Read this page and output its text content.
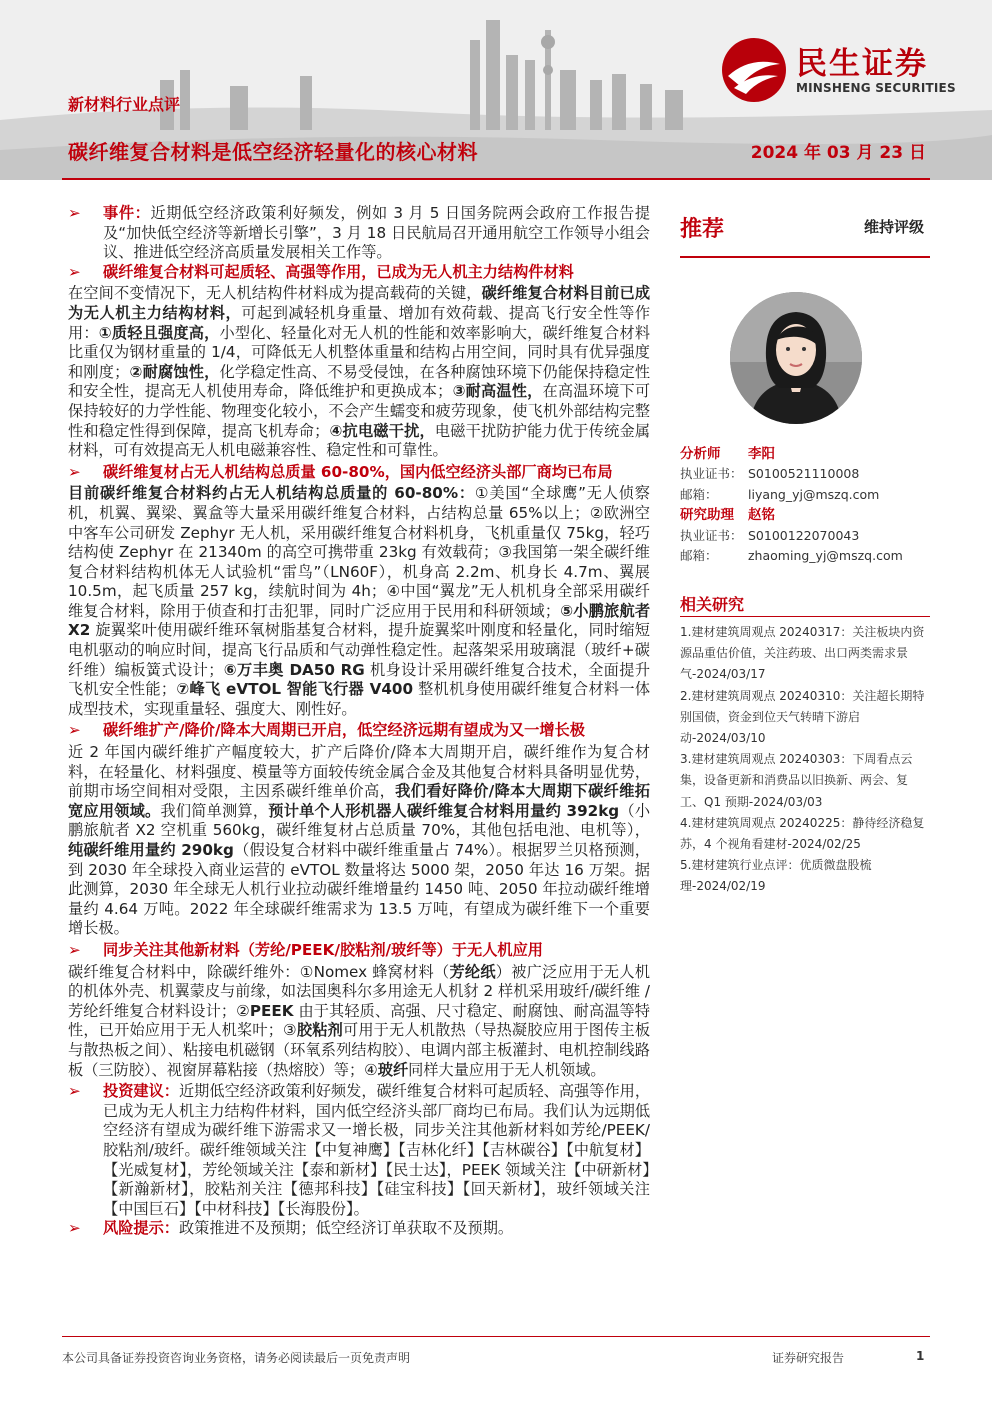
民生证券
MINSHENG SECURITIES
新材料行业点评
碳纤维复合材料是低空经济轻量化的核心材料	2024 年 03 月 23 日

➢ 事件：近期低空经济政策利好频发，例如 3 月 5 日国务院两会政府工作报告提及“加快低空经济等新增长引擎”，3 月 18 日民航局召开通用航空工作领导小组会议、推进低空经济高质量发展相关工作等。

➢ 碳纤维复合材料可起质轻、高强等作用，已成为无人机主力结构件材料

在空间不变情况下，无人机结构件材料成为提高载荷的关键，碳纤维复合材料目前已成为无人机主力结构材料，可起到减轻机身重量、增加有效荷载、提高飞行安全性等作用：①质轻且强度高，小型化、轻量化对无人机的性能和效率影响大，碳纤维复合材料比重仅为钢材重量的 1/4，可降低无人机整体重量和结构占用空间，同时具有优异强度和刚度；②耐腐蚀性，化学稳定性高、不易受侵蚀，在各种腐蚀环境下仍能保持稳定性和安全性，提高无人机使用寿命，降低维护和更换成本；③耐高温性，在高温环境下可保持较好的力学性能、物理变化较小，不会产生蠕变和疲劳现象，使飞机外部结构完整性和稳定性得到保障，提高飞机寿命；④抗电磁干扰，电磁干扰防护能力优于传统金属材料，可有效提高无人机电磁兼容性、稳定性和可靠性。

➢ 碳纤维复材占无人机结构总质量 60-80%，国内低空经济头部厂商均已布局

目前碳纤维复合材料约占无人机结构总质量的 60-80%：①美国“全球鹰”无人侦察机，机翼、翼梁、翼盒等大量采用碳纤维复合材料，占结构总量 65%以上；②欧洲空中客车公司研发 Zephyr 无人机，采用碳纤维复合材料机身，飞机重量仅 75kg，轻巧结构使 Zephyr 在 21340m 的高空可携带重 23kg 有效载荷；③我国第一架全碳纤维复合材料结构机体无人试验机“雷鸟”（LN60F），机身高 2.2m、机身长 4.7m、翼展 10.5m，起飞质量 257 kg，续航时间为 4h；④中国“翼龙”无人机机身全部采用碳纤维复合材料，除用于侦查和打击犯罪，同时广泛应用于民用和科研领域；⑤小鹏旅航者 X2 旋翼桨叶使用碳纤维环氧树脂基复合材料，提升旋翼桨叶刚度和轻量化，同时缩短电机驱动的响应时间，提高飞行品质和气动弹性稳定性。起落架采用玻璃混（玻纤+碳纤维）编板簧式设计；⑥万丰奥 DA50 RG 机身设计采用碳纤维复合技术，全面提升飞机安全性能；⑦峰飞 eVTOL 智能飞行器 V400 整机机身使用碳纤维复合材料一体成型技术，实现重量轻、强度大、刚性好。

➢ 碳纤维扩产/降价/降本大周期已开启，低空经济远期有望成为又一增长极

近 2 年国内碳纤维扩产幅度较大，扩产后降价/降本大周期开启，碳纤维作为复合材料，在轻量化、材料强度、模量等方面较传统金属合金及其他复合材料具备明显优势，前期市场空间相对受限，主因系碳纤维单价高，我们看好降价/降本大周期下碳纤维拓宽应用领域。我们简单测算，预计单个人形机器人碳纤维复合材料用量约 392kg（小鹏旅航者 X2 空机重 560kg，碳纤维复材占总质量 70%，其他包括电池、电机等），纯碳纤维用量约 290kg（假设复合材料中碳纤维重量占 74%）。根据罗兰贝格预测，到 2030 年全球投入商业运营的 eVTOL 数量将达 5000 架，2050 年达 16 万架。据此测算，2030 年全球无人机行业拉动碳纤维增量约 1450 吨、2050 年拉动碳纤维增量约 4.64 万吨。2022 年全球碳纤维需求为 13.5 万吨，有望成为碳纤维下一个重要增长极。

➢ 同步关注其他新材料（芳纶/PEEK/胶粘剂/玻纤等）于无人机应用

碳纤维复合材料中，除碳纤维外：①Nomex 蜂窝材料（芳纶纸）被广泛应用于无人机的机体外壳、机翼蒙皮与前缘，如法国奥科尔多用途无人机豺 2 样机采用玻纤/碳纤维 /芳纶纤维复合材料设计；②PEEK 由于其轻质、高强、尺寸稳定、耐腐蚀、耐高温等特性，已开始应用于无人机桨叶；③胶粘剂可用于无人机散热（导热凝胶应用于图传主板与散热板之间）、粘接电机磁钢（环氧系列结构胶）、电调内部主板灌封、电机控制线路板（三防胶）、视窗屏幕粘接（热熔胶）等；④玻纤同样大量应用于无人机领域。

➢ 投资建议：近期低空经济政策利好频发，碳纤维复合材料可起质轻、高强等作用，已成为无人机主力结构件材料，国内低空经济头部厂商均已布局。我们认为远期低空经济有望成为碳纤维下游需求又一增长极，同步关注其他新材料如芳纶/PEEK/胶粘剂/玻纤。碳纤维领域关注【中复神鹰】【吉林化纤】【吉林碳谷】【中航复材】【光威复材】，芳纶领域关注【泰和新材】【民士达】，PEEK 领域关注【中研新材】【新瀚新材】，胶粘剂关注【德邦科技】【硅宝科技】【回天新材】，玻纤领域关注【中国巨石】【中材科技】【长海股份】。

➢ 风险提示：政策推进不及预期；低空经济订单获取不及预期。

推荐	维持评级
分析师 李阳
执业证书： S0100521110008
邮箱： liyang_yj@mszq.com
研究助理 赵铭
执业证书： S0100122070043
邮箱： zhaoming_yj@mszq.com
相关研究

1.建材建筑周观点 20240317：关注板块内资源品重估价值，关注药玻、出口两类需求景气-2024/03/17

2.建材建筑周观点 20240310：关注超长期特别国债，资金到位天气转晴下游启动-2024/03/10

3.建材建筑周观点 20240303：下周看点云集，设备更新和消费品以旧换新、两会、复工、Q1 预期-2024/03/03

4.建材建筑周观点 20240225：静待经济稳复苏，4 个视角看建材-2024/02/25

5.建材建筑行业点评：优质微盘股梳理-2024/02/19

本公司具备证券投资咨询业务资格，请务必阅读最后一页免责声明	证券研究报告	1
